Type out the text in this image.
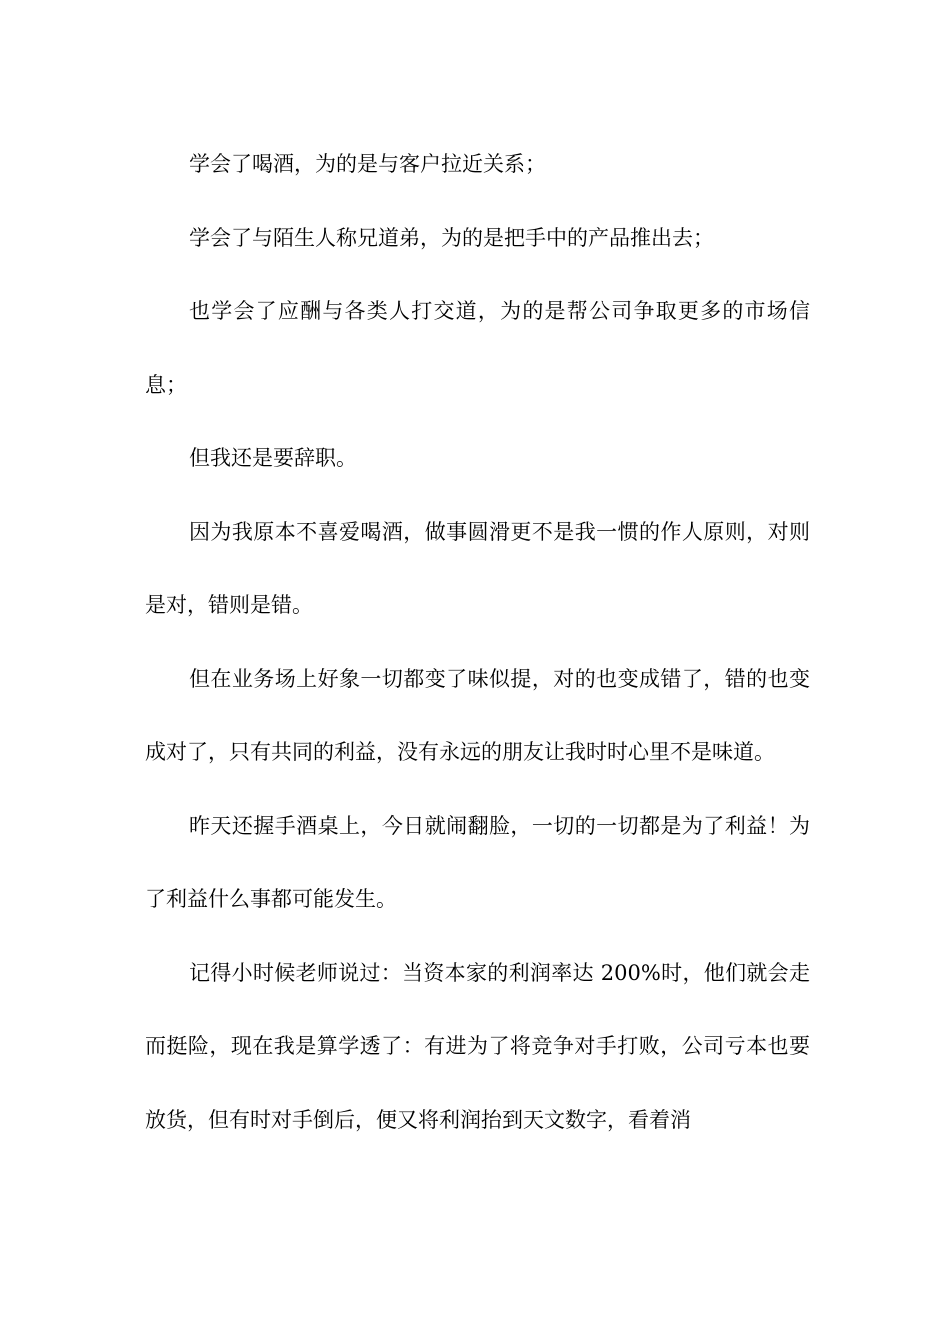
学会了喝酒，为的是与客户拉近关系；

学会了与陌生人称兄道弟，为的是把手中的产品推出去；

也学会了应酬与各类人打交道，为的是帮公司争取更多的市场信息；

但我还是要辞职。

因为我原本不喜爱喝酒，做事圆滑更不是我一惯的作人原则，对则是对，错则是错。

但在业务场上好象一切都变了味似提，对的也变成错了，错的也变成对了，只有共同的利益，没有永远的朋友让我时时心里不是味道。

昨天还握手酒桌上，今日就闹翻脸，一切的一切都是为了利益！为了利益什么事都可能发生。

记得小时候老师说过：当资本家的利润率达 200%时，他们就会走而挺险，现在我是算学透了：有进为了将竞争对手打败，公司亏本也要放货，但有时对手倒后，便又将利润抬到天文数字，看着消
